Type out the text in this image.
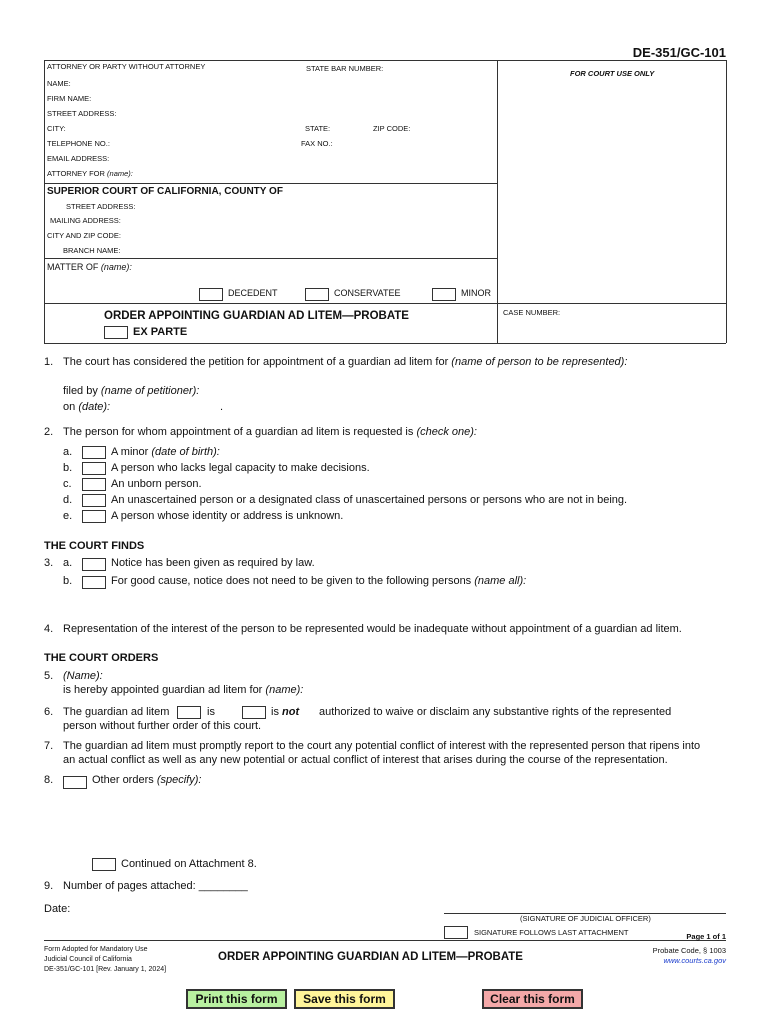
DE-351/GC-101
ATTORNEY OR PARTY WITHOUT ATTORNEY	STATE BAR NUMBER:
FOR COURT USE ONLY
NAME:
FIRM NAME:
STREET ADDRESS:
CITY:	STATE:	ZIP CODE:
TELEPHONE NO.:	FAX NO.:
EMAIL ADDRESS:
ATTORNEY FOR (name):
SUPERIOR COURT OF CALIFORNIA, COUNTY OF
STREET ADDRESS:
MAILING ADDRESS:
CITY AND ZIP CODE:
BRANCH NAME:
MATTER OF (name):
DECEDENT	CONSERVATEE	MINOR
ORDER APPOINTING GUARDIAN AD LITEM—PROBATE
EX PARTE
CASE NUMBER:
1. The court has considered the petition for appointment of a guardian ad litem for (name of person to be represented):
filed by (name of petitioner):
on (date):	.
2. The person for whom appointment of a guardian ad litem is requested is (check one):
a.	A minor (date of birth):
b.	A person who lacks legal capacity to make decisions.
c.	An unborn person.
d.	An unascertained person or a designated class of unascertained persons or persons who are not in being.
e.	A person whose identity or address is unknown.
THE COURT FINDS
3. a.	Notice has been given as required by law.
b.	For good cause, notice does not need to be given to the following persons (name all):
4. Representation of the interest of the person to be represented would be inadequate without appointment of a guardian ad litem.
THE COURT ORDERS
5. (Name):
is hereby appointed guardian ad litem for (name):
6. The guardian ad litem	is	is not authorized to waive or disclaim any substantive rights of the represented
person without further order of this court.
7. The guardian ad litem must promptly report to the court any potential conflict of interest with the represented person that ripens into
an actual conflict as well as any new potential or actual conflict of interest that arises during the course of the representation.
8.	Other orders (specify):
Continued on Attachment 8.
9. Number of pages attached: ________
Date:
(SIGNATURE OF JUDICIAL OFFICER)
SIGNATURE FOLLOWS LAST ATTACHMENT
Form Adopted for Mandatory Use
Judicial Council of California
DE-351/GC-101 [Rev. January 1, 2024]
ORDER APPOINTING GUARDIAN AD LITEM—PROBATE
Page 1 of 1
Probate Code, § 1003
www.courts.ca.gov
Print this form	Save this form	Clear this form
